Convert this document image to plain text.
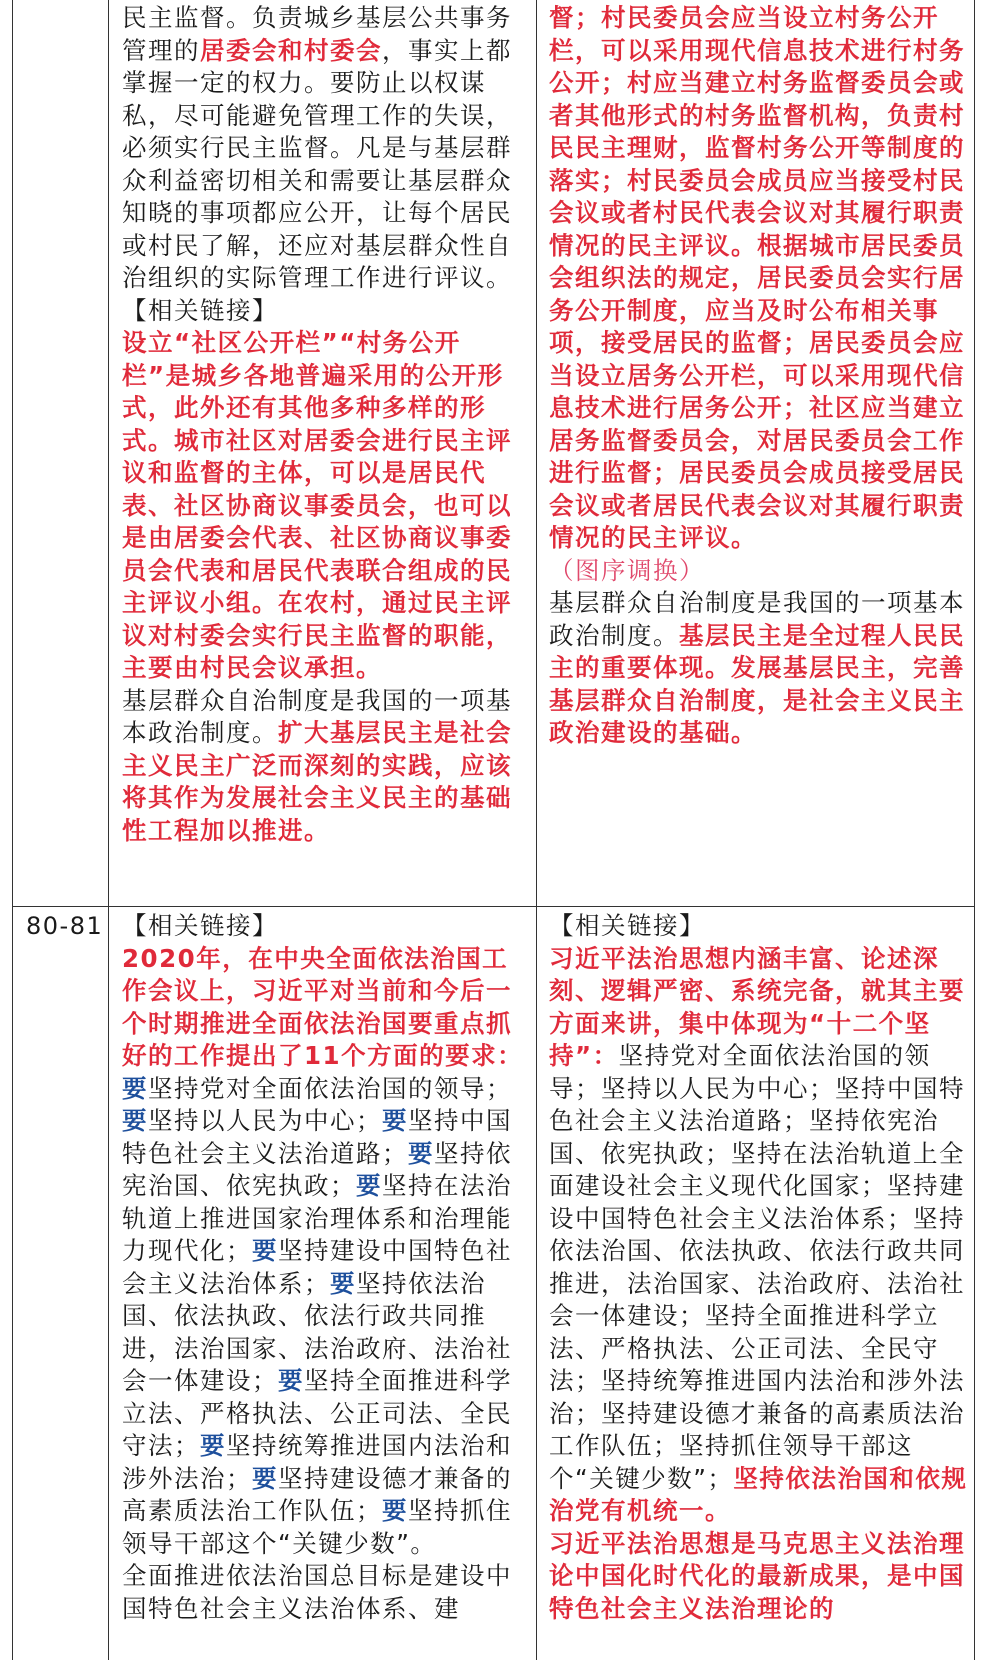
民主监督。负责城乡基层公共事务管理的居委会和村委会，事实上都掌握一定的权力。要防止以权谋私，尽可能避免管理工作的失误，必须实行民主监督。凡是与基层群众利益密切相关和需要让基层群众知晓的事项都应公开，让每个居民或村民了解，还应对基层群众性自治组织的实际管理工作进行评议。
【相关链接】
设立“社区公开栏”“村务公开栏”是城乡各地普遍采用的公开形式，此外还有其他多种多样的形式。城市社区对居委会进行民主评议和监督的主体，可以是居民代表、社区协商议事委员会，也可以是由居委会代表、社区协商议事委员会代表和居民代表联合组成的民主评议小组。在农村，通过民主评议对村委会实行民主监督的职能，主要由村民会议承担。
基层群众自治制度是我国的一项基本政治制度。扩大基层民主是社会主义民主广泛而深刻的实践，应该将其作为发展社会主义民主的基础性工程加以推进。

督；村民委员会应当设立村务公开栏，可以采用现代信息技术进行村务公开；村应当建立村务监督委员会或者其他形式的村务监督机构，负责村民民主理财，监督村务公开等制度的落实；村民委员会成员应当接受村民会议或者村民代表会议对其履行职责情况的民主评议。根据城市居民委员会组织法的规定，居民委员会实行居务公开制度，应当及时公布相关事项，接受居民的监督；居民委员会应当设立居务公开栏，可以采用现代信息技术进行居务公开；社区应当建立居务监督委员会，对居民委员会工作进行监督；居民委员会成员接受居民会议或者居民代表会议对其履行职责情况的民主评议。
（图序调换）
基层群众自治制度是我国的一项基本政治制度。基层民主是全过程人民民主的重要体现。发展基层民主，完善基层群众自治制度，是社会主义民主政治建设的基础。

80-81 【相关链接】
2020年，在中央全面依法治国工作会议上，习近平对当前和今后一个时期推进全面依法治国要重点抓好的工作提出了11个方面的要求：要坚持党对全面依法治国的领导；要坚持以人民为中心；要坚持中国特色社会主义法治道路；要坚持依宪治国、依宪执政；要坚持在法治轨道上推进国家治理体系和治理能力现代化；要坚持建设中国特色社会主义法治体系；要坚持依法治国、依法执政、依法行政共同推进，法治国家、法治政府、法治社会一体建设；要坚持全面推进科学立法、严格执法、公正司法、全民守法；要坚持统筹推进国内法治和涉外法治；要坚持建设德才兼备的高素质法治工作队伍；要坚持抓住领导干部这个“关键少数”。
全面推进依法治国总目标是建设中国特色社会主义法治体系、建

【相关链接】
习近平法治思想内涵丰富、论述深刻、逻辑严密、系统完备，就其主要方面来讲，集中体现为“十二个坚持”：坚持党对全面依法治国的领导；坚持以人民为中心；坚持中国特色社会主义法治道路；坚持依宪治国、依宪执政；坚持在法治轨道上全面建设社会主义现代化国家；坚持建设中国特色社会主义法治体系；坚持依法治国、依法执政、依法行政共同推进，法治国家、法治政府、法治社会一体建设；坚持全面推进科学立法、严格执法、公正司法、全民守法；坚持统筹推进国内法治和涉外法治；坚持建设德才兼备的高素质法治工作队伍；坚持抓住领导干部这个“关键少数”；坚持依法治国和依规治党有机统一。
习近平法治思想是马克思主义法治理论中国化时代化的最新成果，是中国特色社会主义法治理论的
